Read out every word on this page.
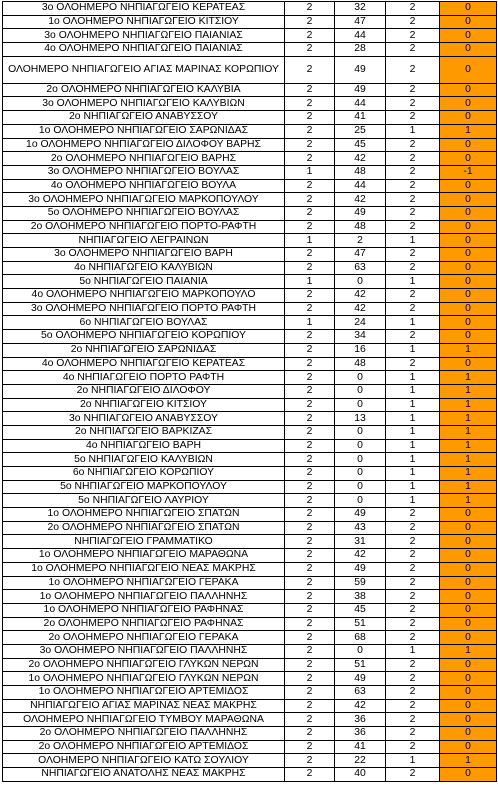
3ο ΟΛΟΗΜΕΡΟ ΝΗΠΙΑΓΩΓΕΙΟ ΚΕΡΑΤΕΑΣ	2	32	2	0
1ο ΟΛΟΗΜΕΡΟ ΝΗΠΙΑΓΩΓΕΙΟ ΚΙΤΣΙΟΥ	2	47	2	0
3ο ΟΛΟΗΜΕΡΟ ΝΗΠΙΑΓΩΓΕΙΟ ΠΑΙΑΝΙΑΣ	2	44	2	0
4ο ΟΛΟΗΜΕΡΟ ΝΗΠΙΑΓΩΓΕΙΟ ΠΑΙΑΝΙΑΣ	2	28	2	0
ΟΛΟΗΜΕΡΟ ΝΗΠΙΑΓΩΓΕΙΟ ΑΓΙΑΣ ΜΑΡΙΝΑΣ ΚΟΡΩΠΙΟΥ	2	49	2	0
2ο ΟΛΟΗΜΕΡΟ ΝΗΠΙΑΓΩΓΕΙΟ ΚΑΛΥΒΙΑ	2	49	2	0
3ο ΟΛΟΗΜΕΡΟ ΝΗΠΙΑΓΩΓΕΙΟ ΚΑΛΥΒΙΩΝ	2	44	2	0
2ο ΝΗΠΙΑΓΩΓΕΙΟ ΑΝΑΒΥΣΣΟΥ	2	41	2	0
1ο ΟΛΟΗΜΕΡΟ ΝΗΠΙΑΓΩΓΕΙΟ ΣΑΡΩΝΙΔΑΣ	2	25	1	1
1ο ΟΛΟΗΜΕΡΟ ΝΗΠΙΑΓΩΓΕΙΟ ΔΙΛΟΦΟΥ ΒΑΡΗΣ	2	45	2	0
2ο ΟΛΟΗΜΕΡΟ ΝΗΠΙΑΓΩΓΕΙΟ ΒΑΡΗΣ	2	42	2	0
3ο ΟΛΟΗΜΕΡΟ ΝΗΠΙΑΓΩΓΕΙΟ ΒΟΥΛΑΣ	1	48	2	-1
4ο ΟΛΟΗΜΕΡΟ ΝΗΠΙΑΓΩΓΕΙΟ ΒΟΥΛΑ	2	44	2	0
3ο ΟΛΟΗΜΕΡΟ ΝΗΠΙΑΓΩΓΕΙΟ ΜΑΡΚΟΠΟΥΛΟΥ	2	42	2	0
5ο ΟΛΟΗΜΕΡΟ ΝΗΠΙΑΓΩΓΕΙΟ ΒΟΥΛΑΣ	2	49	2	0
2ο ΟΛΟΗΜΕΡΟ ΝΗΠΙΑΓΩΓΕΙΟ ΠΟΡΤΟ-ΡΑΦΤΗ	2	48	2	0
ΝΗΠΙΑΓΩΓΕΙΟ ΛΕΓΡΑΙΝΩΝ	1	2	1	0
3ο ΟΛΟΗΜΕΡΟ ΝΗΠΙΑΓΩΓΕΙΟ ΒΑΡΗ	2	47	2	0
4ο ΝΗΠΙΑΓΩΓΕΙΟ ΚΑΛΥΒΙΩΝ	2	63	2	0
5ο ΝΗΠΙΑΓΩΓΕΙΟ ΠΑΙΑΝΙΑ	1	0	1	0
4ο ΟΛΟΗΜΕΡΟ ΝΗΠΙΑΓΩΓΕΙΟ ΜΑΡΚΟΠΟΥΛΟ	2	42	2	0
3ο ΟΛΟΗΜΕΡΟ ΝΗΠΙΑΓΩΓΕΙΟ ΠΟΡΤΟ ΡΑΦΤΗ	2	42	2	0
6ο ΝΗΠΙΑΓΩΓΕΙΟ ΒΟΥΛΑΣ	1	24	1	0
5ο ΟΛΟΗΜΕΡΟ ΝΗΠΙΑΓΩΓΕΙΟ ΚΟΡΩΠΙΟΥ	2	34	2	0
2ο ΝΗΠΙΑΓΩΓΕΙΟ ΣΑΡΩΝΙΔΑΣ	2	16	1	1
4ο ΟΛΟΗΜΕΡΟ ΝΗΠΙΑΓΩΓΕΙΟ ΚΕΡΑΤΕΑΣ	2	48	2	0
4ο ΝΗΠΙΑΓΩΓΕΙΟ ΠΟΡΤΟ ΡΑΦΤΗ	2	0	1	1
2ο ΝΗΠΙΑΓΩΓΕΙΟ ΔΙΛΟΦΟΥ	2	0	1	1
2ο ΝΗΠΙΑΓΩΓΕΙΟ ΚΙΤΣΙΟΥ	2	0	1	1
3ο ΝΗΠΙΑΓΩΓΕΙΟ ΑΝΑΒΥΣΣΟΥ	2	13	1	1
2ο ΝΗΠΙΑΓΩΓΕΙΟ ΒΑΡΚΙΖΑΣ	2	0	1	1
4ο ΝΗΠΙΑΓΩΓΕΙΟ ΒΑΡΗ	2	0	1	1
5ο ΝΗΠΙΑΓΩΓΕΙΟ ΚΑΛΥΒΙΩΝ	2	0	1	1
6ο ΝΗΠΙΑΓΩΓΕΙΟ ΚΟΡΩΠΙΟΥ	2	0	1	1
5ο ΝΗΠΙΑΓΩΓΕΙΟ ΜΑΡΚΟΠΟΥΛΟΥ	2	0	1	1
5ο ΝΗΠΙΑΓΩΓΕΙΟ ΛΑΥΡΙΟΥ	2	0	1	1
1ο ΟΛΟΗΜΕΡΟ ΝΗΠΙΑΓΩΓΕΙΟ ΣΠΑΤΩΝ	2	49	2	0
2ο ΟΛΟΗΜΕΡΟ ΝΗΠΙΑΓΩΓΕΙΟ ΣΠΑΤΩΝ	2	43	2	0
ΝΗΠΙΑΓΩΓΕΙΟ ΓΡΑΜΜΑΤΙΚΟ	2	31	2	0
1ο ΟΛΟΗΜΕΡΟ ΝΗΠΙΑΓΩΓΕΙΟ ΜΑΡΑΘΩΝΑ	2	42	2	0
1ο ΟΛΟΗΜΕΡΟ ΝΗΠΙΑΓΩΓΕΙΟ ΝΕΑΣ ΜΑΚΡΗΣ	2	49	2	0
1ο ΟΛΟΗΜΕΡΟ ΝΗΠΙΑΓΩΓΕΙΟ ΓΕΡΑΚΑ	2	59	2	0
1ο ΟΛΟΗΜΕΡΟ ΝΗΠΙΑΓΩΓΕΙΟ ΠΑΛΛΗΝΗΣ	2	38	2	0
1ο ΟΛΟΗΜΕΡΟ ΝΗΠΙΑΓΩΓΕΙΟ ΡΑΦΗΝΑΣ	2	45	2	0
2ο ΟΛΟΗΜΕΡΟ ΝΗΠΙΑΓΩΓΕΙΟ ΡΑΦΗΝΑΣ	2	51	2	0
2ο ΟΛΟΗΜΕΡΟ ΝΗΠΙΑΓΩΓΕΙΟ ΓΕΡΑΚΑ	2	68	2	0
3ο ΟΛΟΗΜΕΡΟ ΝΗΠΙΑΓΩΓΕΙΟ ΠΑΛΛΗΝΗΣ	2	0	1	1
2ο ΟΛΟΗΜΕΡΟ ΝΗΠΙΑΓΩΓΕΙΟ ΓΛΥΚΩΝ ΝΕΡΩΝ	2	51	2	0
1ο ΟΛΟΗΜΕΡΟ ΝΗΠΙΑΓΩΓΕΙΟ ΓΛΥΚΩΝ ΝΕΡΩΝ	2	49	2	0
1ο ΟΛΟΗΜΕΡΟ ΝΗΠΙΑΓΩΓΕΙΟ ΑΡΤΕΜΙΔΟΣ	2	63	2	0
ΝΗΠΙΑΓΩΓΕΙΟ ΑΓΙΑΣ ΜΑΡΙΝΑΣ ΝΕΑΣ ΜΑΚΡΗΣ	2	42	2	0
ΟΛΟΗΜΕΡΟ ΝΗΠΙΑΓΩΓΕΙΟ ΤΥΜΒΟΥ ΜΑΡΑΘΩΝΑ	2	36	2	0
2ο ΟΛΟΗΜΕΡΟ ΝΗΠΙΑΓΩΓΕΙΟ ΠΑΛΛΗΝΗΣ	2	36	2	0
2ο ΟΛΟΗΜΕΡΟ ΝΗΠΙΑΓΩΓΕΙΟ ΑΡΤΕΜΙΔΟΣ	2	41	2	0
ΟΛΟΗΜΕΡΟ ΝΗΠΙΑΓΩΓΕΙΟ ΚΑΤΩ ΣΟΥΛΙΟΥ	2	22	1	1
ΝΗΠΙΑΓΩΓΕΙΟ ΑΝΑΤΟΛΗΣ ΝΕΑΣ ΜΑΚΡΗΣ	2	40	2	0
